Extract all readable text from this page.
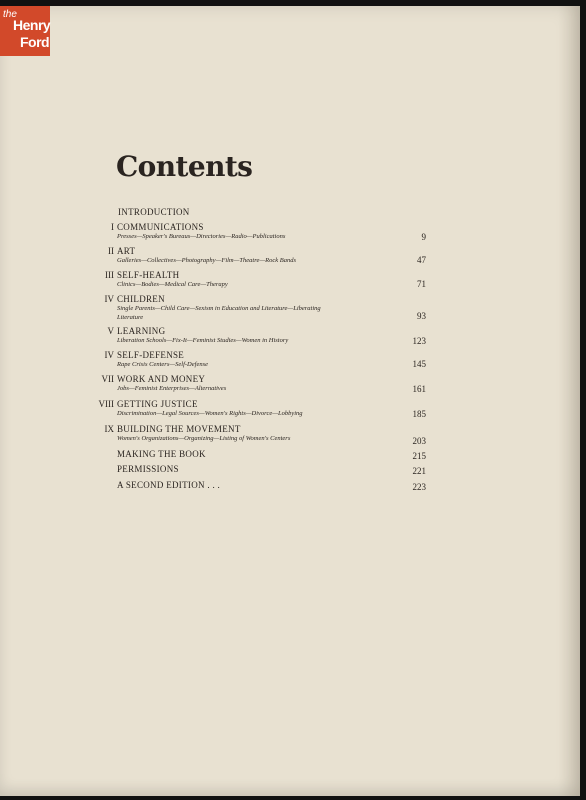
the
Henry
Ford
Contents
INTRODUCTION
I COMMUNICATIONS
Presses—Speaker's Bureaus—Directories—Radio—Publications	9
II ART
Galleries—Collectives—Photography—Film—Theatre—Rock Bands	47
III SELF-HEALTH
Clinics—Bodies—Medical Care—Therapy	71
IV CHILDREN
Single Parents—Child Care—Sexism in Education and Literature—Liberating Literature	93
V LEARNING
Liberation Schools—Fix-It—Feminist Studies—Women in History	123
IV SELF-DEFENSE
Rape Crisis Centers—Self-Defense	145
VII WORK AND MONEY
Jobs—Feminist Enterprises—Alternatives	161
VIII GETTING JUSTICE
Discrimination—Legal Sources—Women's Rights—Divorce—Lobbying	185
IX BUILDING THE MOVEMENT
Women's Organizations—Organizing—Listing of Women's Centers	203
MAKING THE BOOK	215
PERMISSIONS	221
A SECOND EDITION . . .	223
